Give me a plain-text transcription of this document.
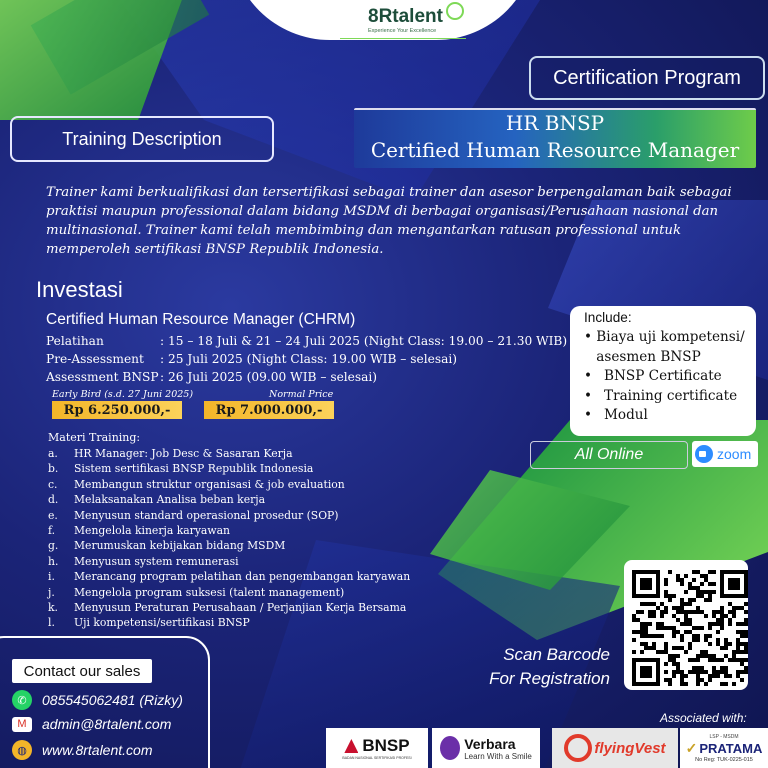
8Rtalent
Experience Your Excellence
Certification Program
Training Description
HR BNSP
Certified Human Resource Manager
Trainer kami berkualifikasi dan tersertifikasi sebagai trainer dan asesor berpengalaman baik sebagai praktisi maupun professional dalam bidang MSDM di berbagai organisasi/Perusahaan nasional dan multinasional. Trainer kami telah membimbing dan mengantarkan ratusan professional untuk memperoleh sertifikasi BNSP Republik Indonesia.
Investasi
Certified Human Resource Manager (CHRM)
Pelatihan	: 15 – 18 Juli & 21 – 24 Juli 2025 (Night Class: 19.00 – 21.30 WIB)
Pre-Assessment	: 25 Juli 2025 (Night Class: 19.00 WIB – selesai)
Assessment BNSP : 26 Juli 2025 (09.00 WIB – selesai)
Early Bird (s.d. 27 Juni 2025)	Normal Price
Rp 6.250.000,-	Rp 7.000.000,-
Materi Training:
a.	HR Manager: Job Desc & Sasaran Kerja
b.	Sistem sertifikasi BNSP Republik Indonesia
c.	Membangun struktur organisasi & job evaluation
d.	Melaksanakan Analisa beban kerja
e.	Menyusun standard operasional prosedur (SOP)
f.	Mengelola kinerja karyawan
g.	Merumuskan kebijakan bidang MSDM
h.	Menyusun system remunerasi
i.	Merancang program pelatihan dan pengembangan karyawan
j.	Mengelola program suksesi (talent management)
k.	Menyusun Peraturan Perusahaan / Perjanjian Kerja Bersama
l.	Uji kompetensi/sertifikasi BNSP
Include:
• Biaya uji kompetensi/ asesmen BNSP
• BNSP Certificate
• Training certificate
• Modul
All Online	zoom
Scan Barcode
For Registration
Contact our sales
✆	085545062481 (Rizky)
M	admin@8rtalent.com
◍	www.8rtalent.com
Associated with:
BNSP
BADAN NASIONAL SERTIFIKASI PROFESI
Verbara
Learn With a Smile	flyingVest
LSP - MSDM
✓ PRATAMA
No Reg: TUK-0225-015
